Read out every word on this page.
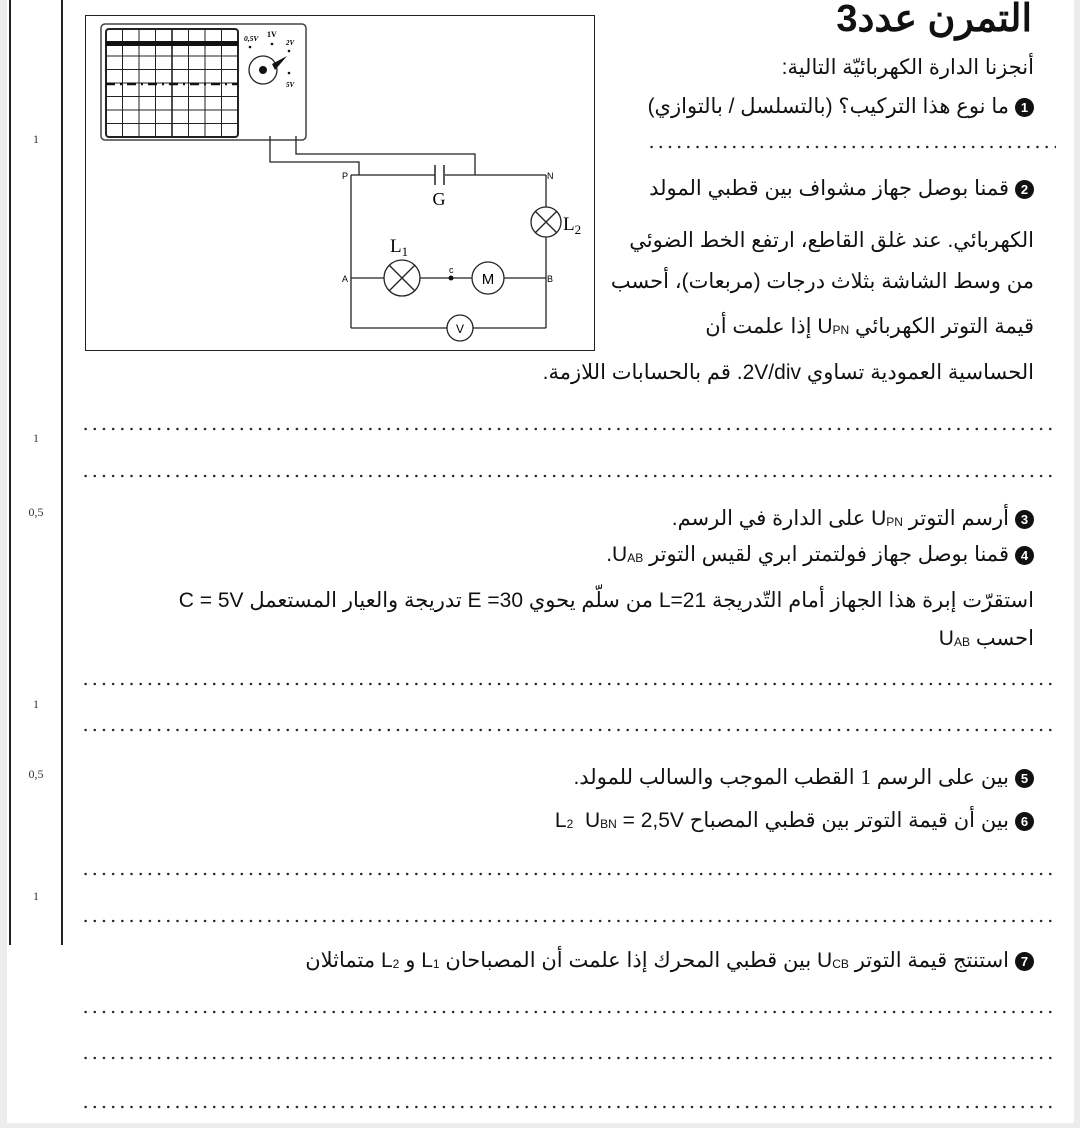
1
1
0,5
1
0,5
1
0,5V 1V
2V
5V
G
$L_2$
$L_1$
c
M
V
P	N
A	B
التمرن عدد3
أنجزنا الدارة الكهربائيّة التالية:
1ما نوع هذا التركيب؟ (بالتسلسل / بالتوازي)
2قمنا بوصل جهاز مشواف بين قطبي المولد
الكهربائي. عند غلق القاطع، ارتفع الخط الضوئي
من وسط الشاشة بثلاث درجات (مربعات)، أحسب
قيمة التوتر الكهربائي $U_{PN}$ إذا علمت أن
الحساسية العمودية تساوي 2V/div. قم بالحسابات اللازمة.
3أرسم التوتر $U_{PN}$ على الدارة في الرسم.
4قمنا بوصل جهاز فولتمتر ابري لقيس التوتر $U_{AB}$.
استقرّت إبرة هذا الجهاز أمام التّدريجة L=21 من سلّم يحوي E =30 تدريجة والعيار المستعمل C = 5V
احسب $U_{AB}$
5بين على الرسم 1 القطب الموجب والسالب للمولد.
6بين أن قيمة التوتر بين قطبي المصباح $L_2$ $U_{BN} = 2,5V$
7استنتج قيمة التوتر $U_{CB}$ بين قطبي المحرك إذا علمت أن المصباحان $L_1$ و $L_2$ متماثلان
